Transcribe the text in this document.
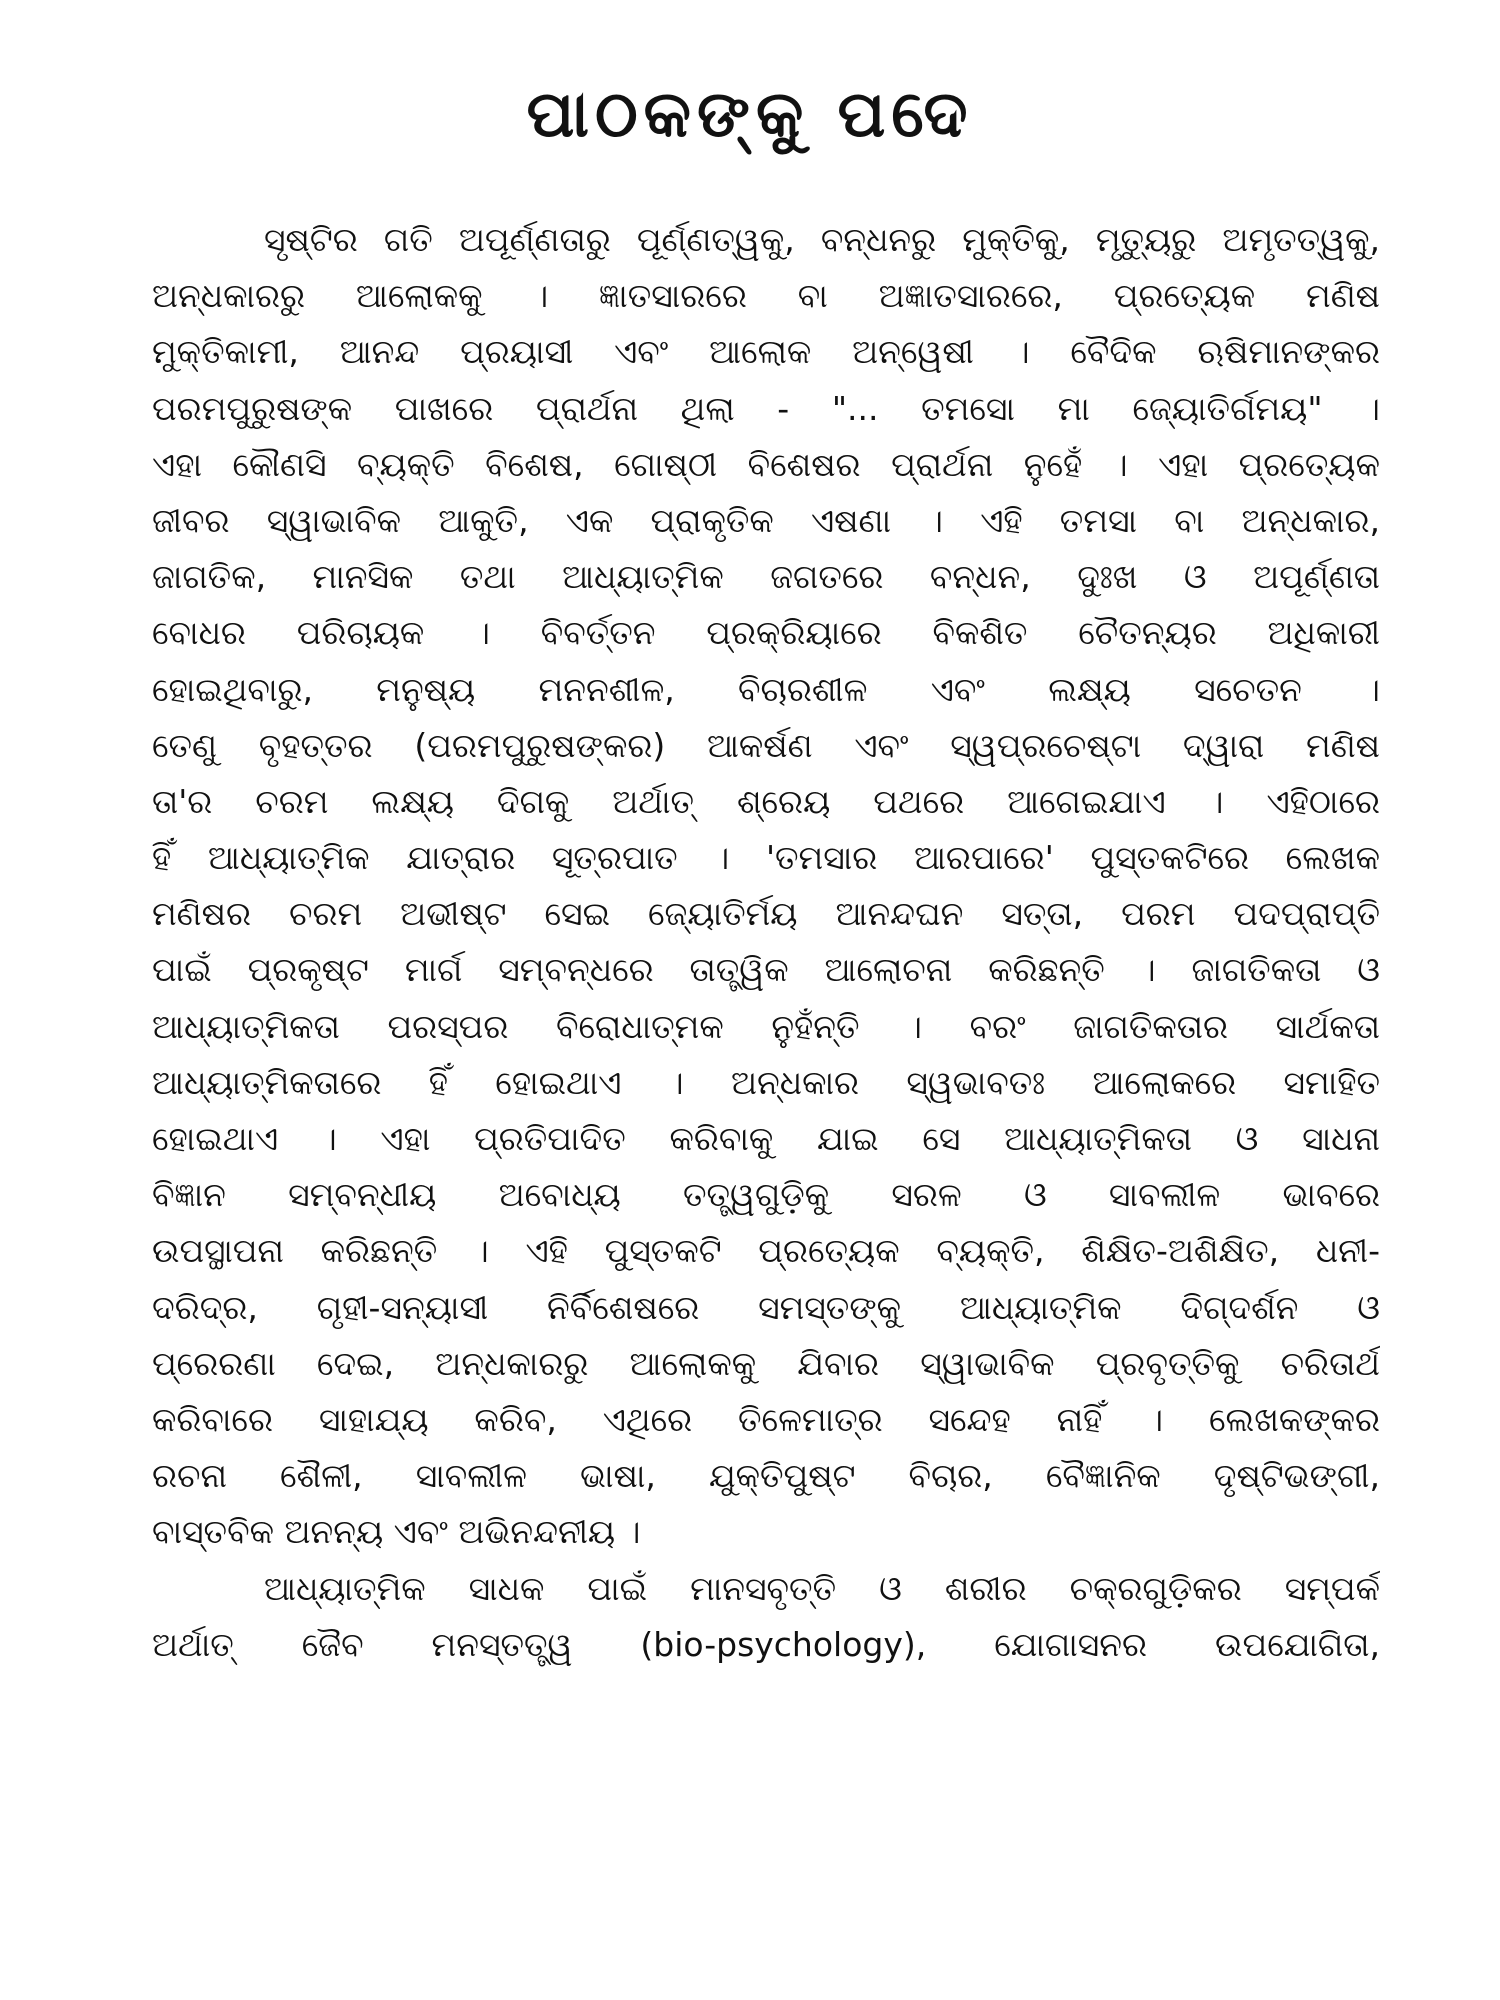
ପାଠକଙ୍କୁ ପଦେ
ସୃଷ୍ଟିର ଗତି ଅପୂର୍ଣ୍ଣତାରୁ ପୂର୍ଣ୍ଣତ୍ୱକୁ, ବନ୍ଧନରୁ ମୁକ୍ତିକୁ, ମୃତ୍ୟୁରୁ ଅମୃତତ୍ୱକୁ,
ଅନ୍ଧକାରରୁ ଆଲୋକକୁ । ଜ୍ଞାତସାରରେ ବା ଅଜ୍ଞାତସାରରେ, ପ୍ରତ୍ୟେକ ମଣିଷ
ମୁକ୍ତିକାମୀ, ଆନନ୍ଦ ପ୍ରୟାସୀ ଏବଂ ଆଲୋକ ଅନ୍ୱେଷୀ । ବୈଦିକ ଋଷିମାନଙ୍କର
ପରମପୁରୁଷଙ୍କ ପାଖରେ ପ୍ରାର୍ଥନା ଥିଲା - "... ତମସୋ ମା ଜ୍ୟୋତିର୍ଗମୟ" ।
ଏହା କୌଣସି ବ୍ୟକ୍ତି ବିଶେଷ, ଗୋଷ୍ଠୀ ବିଶେଷର ପ୍ରାର୍ଥନା ନୁହେଁ । ଏହା ପ୍ରତ୍ୟେକ
ଜୀବର ସ୍ୱାଭାବିକ ଆକୁତି, ଏକ ପ୍ରାକୃତିକ ଏଷଣା । ଏହି ତମସା ବା ଅନ୍ଧକାର,
ଜାଗତିକ, ମାନସିକ ତଥା ଆଧ୍ୟାତ୍ମିକ ଜଗତରେ ବନ୍ଧନ, ଦୁଃଖ ଓ ଅପୂର୍ଣ୍ଣତା
ବୋଧର ପରିଚାୟକ । ବିବର୍ତ୍ତନ ପ୍ରକ୍ରିୟାରେ ବିକଶିତ ଚୈତନ୍ୟର ଅଧିକାରୀ
ହୋଇଥିବାରୁ, ମନୁଷ୍ୟ ମନନଶୀଳ, ବିଚାରଶୀଳ ଏବଂ ଲକ୍ଷ୍ୟ ସଚେତନ ।
ତେଣୁ ବୃହତ୍ତର (ପରମପୁରୁଷଙ୍କର) ଆକର୍ଷଣ ଏବଂ ସ୍ୱପ୍ରଚେଷ୍ଟା ଦ୍ୱାରା ମଣିଷ
ତା'ର ଚରମ ଲକ୍ଷ୍ୟ ଦିଗକୁ ଅର୍ଥାତ୍ ଶ୍ରେୟ ପଥରେ ଆଗେଇଯାଏ । ଏହିଠାରେ
ହିଁ ଆଧ୍ୟାତ୍ମିକ ଯାତ୍ରାର ସୂତ୍ରପାତ । 'ତମସାର ଆରପାରେ' ପୁସ୍ତକଟିରେ ଲେଖକ
ମଣିଷର ଚରମ ଅଭୀଷ୍ଟ ସେଇ ଜ୍ୟୋତିର୍ମୟ ଆନନ୍ଦଘନ ସତ୍ତା, ପରମ ପଦପ୍ରାପ୍ତି
ପାଇଁ ପ୍ରକୃଷ୍ଟ ମାର୍ଗ ସମ୍ବନ୍ଧରେ ତାତ୍ତ୍ୱିକ ଆଲୋଚନା କରିଛନ୍ତି । ଜାଗତିକତା ଓ
ଆଧ୍ୟାତ୍ମିକତା ପରସ୍ପର ବିରୋଧାତ୍ମକ ନୁହଁନ୍ତି । ବରଂ ଜାଗତିକତାର ସାର୍ଥକତା
ଆଧ୍ୟାତ୍ମିକତାରେ ହିଁ ହୋଇଥାଏ । ଅନ୍ଧକାର ସ୍ୱଭାବତଃ ଆଲୋକରେ ସମାହିତ
ହୋଇଥାଏ । ଏହା ପ୍ରତିପାଦିତ କରିବାକୁ ଯାଇ ସେ ଆଧ୍ୟାତ୍ମିକତା ଓ ସାଧନା
ବିଜ୍ଞାନ ସମ୍ବନ୍ଧୀୟ ଅବୋଧ୍ୟ ତତ୍ତ୍ୱଗୁଡ଼ିକୁ ସରଳ ଓ ସାବଲୀଳ ଭାବରେ
ଉପସ୍ଥାପନା କରିଛନ୍ତି । ଏହି ପୁସ୍ତକଟି ପ୍ରତ୍ୟେକ ବ୍ୟକ୍ତି, ଶିକ୍ଷିତ-ଅଶିକ୍ଷିତ, ଧନୀ-
ଦରିଦ୍ର, ଗୃହୀ-ସନ୍ୟାସୀ ନିର୍ବିଶେଷରେ ସମସ୍ତଙ୍କୁ ଆଧ୍ୟାତ୍ମିକ ଦିଗ୍‌ଦର୍ଶନ ଓ
ପ୍ରେରଣା ଦେଇ, ଅନ୍ଧକାରରୁ ଆଲୋକକୁ ଯିବାର ସ୍ୱାଭାବିକ ପ୍ରବୃତ୍ତିକୁ ଚରିତାର୍ଥ
କରିବାରେ ସାହାଯ୍ୟ କରିବ, ଏଥିରେ ତିଳେମାତ୍ର ସନ୍ଦେହ ନାହିଁ । ଲେଖକଙ୍କର
ରଚନା ଶୈଳୀ, ସାବଲୀଳ ଭାଷା, ଯୁକ୍ତିପୁଷ୍ଟ ବିଚାର, ବୈଜ୍ଞାନିକ ଦୃଷ୍ଟିଭଙ୍ଗୀ,
ବାସ୍ତବିକ ଅନନ୍ୟ ଏବଂ ଅଭିନନ୍ଦନୀୟ ।
ଆଧ୍ୟାତ୍ମିକ ସାଧକ ପାଇଁ ମାନସବୃତ୍ତି ଓ ଶରୀର ଚକ୍ରଗୁଡ଼ିକର ସମ୍ପର୍କ
ଅର୍ଥାତ୍ ଜୈବ ମନସ୍ତତ୍ତ୍ୱ (bio-psychology), ଯୋଗାସନର ଉପଯୋଗିତା,
